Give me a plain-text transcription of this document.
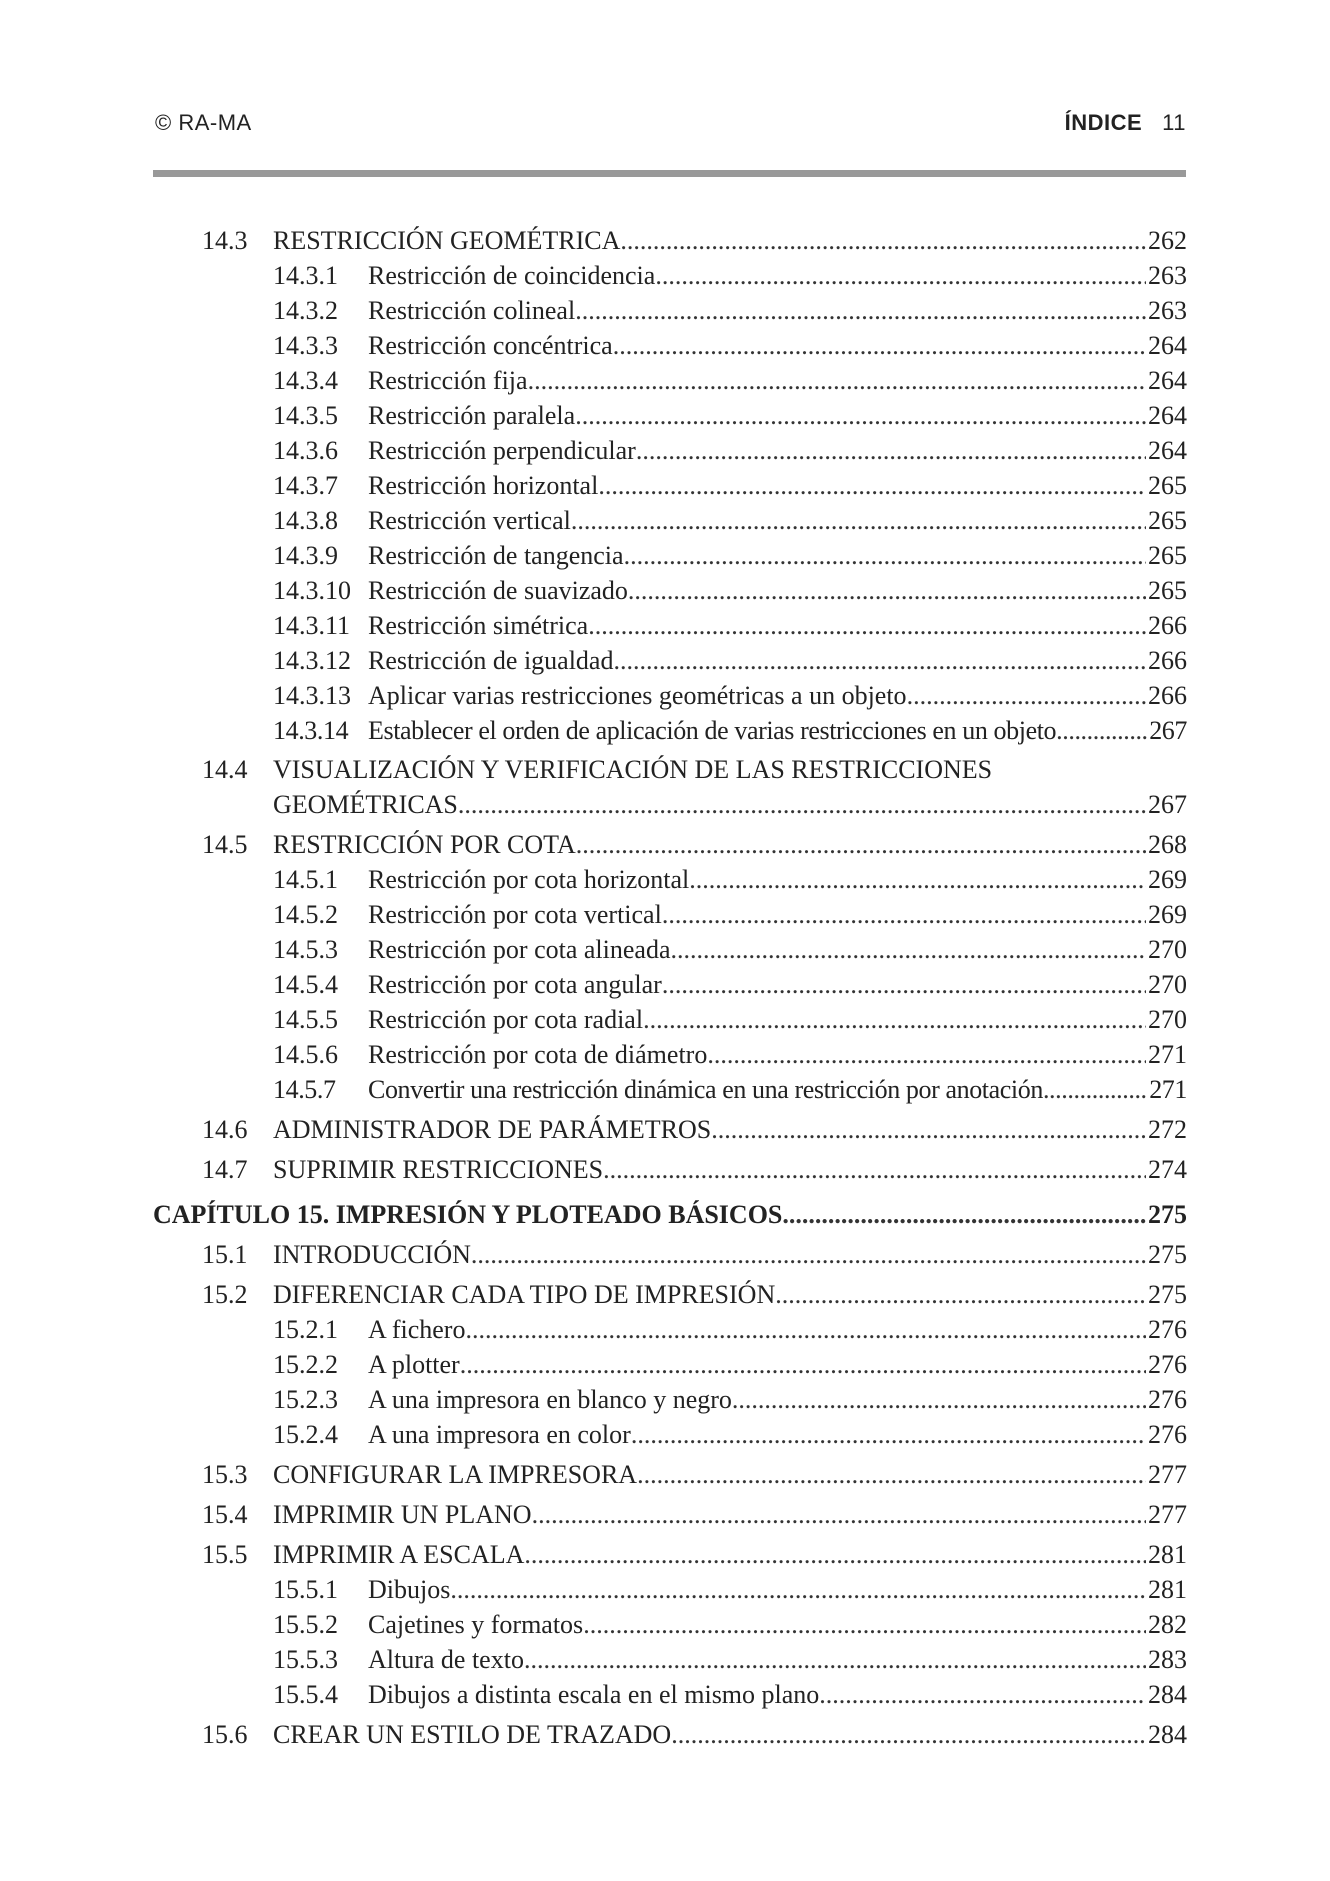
© RA-MA	ÍNDICE 11
14.3 RESTRICCIÓN GEOMÉTRICA .....	262
14.3.1 Restricción de coincidencia .....	263
14.3.2 Restricción colineal .....	263
14.3.3 Restricción concéntrica .....	264
14.3.4 Restricción fija .....	264
14.3.5 Restricción paralela .....	264
14.3.6 Restricción perpendicular .....	264
14.3.7 Restricción horizontal .....	265
14.3.8 Restricción vertical .....	265
14.3.9 Restricción de tangencia .....	265
14.3.10 Restricción de suavizado .....	265
14.3.11 Restricción simétrica .....	266
14.3.12 Restricción de igualdad .....	266
14.3.13 Aplicar varias restricciones geométricas a un objeto .....	266
14.3.14 Establecer el orden de aplicación de varias restricciones en un objeto .....	267
14.4 VISUALIZACIÓN Y VERIFICACIÓN DE LAS RESTRICCIONES
GEOMÉTRICAS .....	267
14.5 RESTRICCIÓN POR COTA .....	268
14.5.1 Restricción por cota horizontal .....	269
14.5.2 Restricción por cota vertical .....	269
14.5.3 Restricción por cota alineada .....	270
14.5.4 Restricción por cota angular .....	270
14.5.5 Restricción por cota radial .....	270
14.5.6 Restricción por cota de diámetro .....	271
14.5.7 Convertir una restricción dinámica en una restricción por anotación .....	271
14.6 ADMINISTRADOR DE PARÁMETROS .....	272
14.7 SUPRIMIR RESTRICCIONES .....	274
CAPÍTULO 15. IMPRESIÓN Y PLOTEADO BÁSICOS .....	275
15.1 INTRODUCCIÓN .....	275
15.2 DIFERENCIAR CADA TIPO DE IMPRESIÓN .....	275
15.2.1 A fichero .....	276
15.2.2 A plotter .....	276
15.2.3 A una impresora en blanco y negro .....	276
15.2.4 A una impresora en color .....	276
15.3 CONFIGURAR LA IMPRESORA .....	277
15.4 IMPRIMIR UN PLANO .....	277
15.5 IMPRIMIR A ESCALA .....	281
15.5.1 Dibujos .....	281
15.5.2 Cajetines y formatos .....	282
15.5.3 Altura de texto .....	283
15.5.4 Dibujos a distinta escala en el mismo plano .....	284
15.6 CREAR UN ESTILO DE TRAZADO .....	284
